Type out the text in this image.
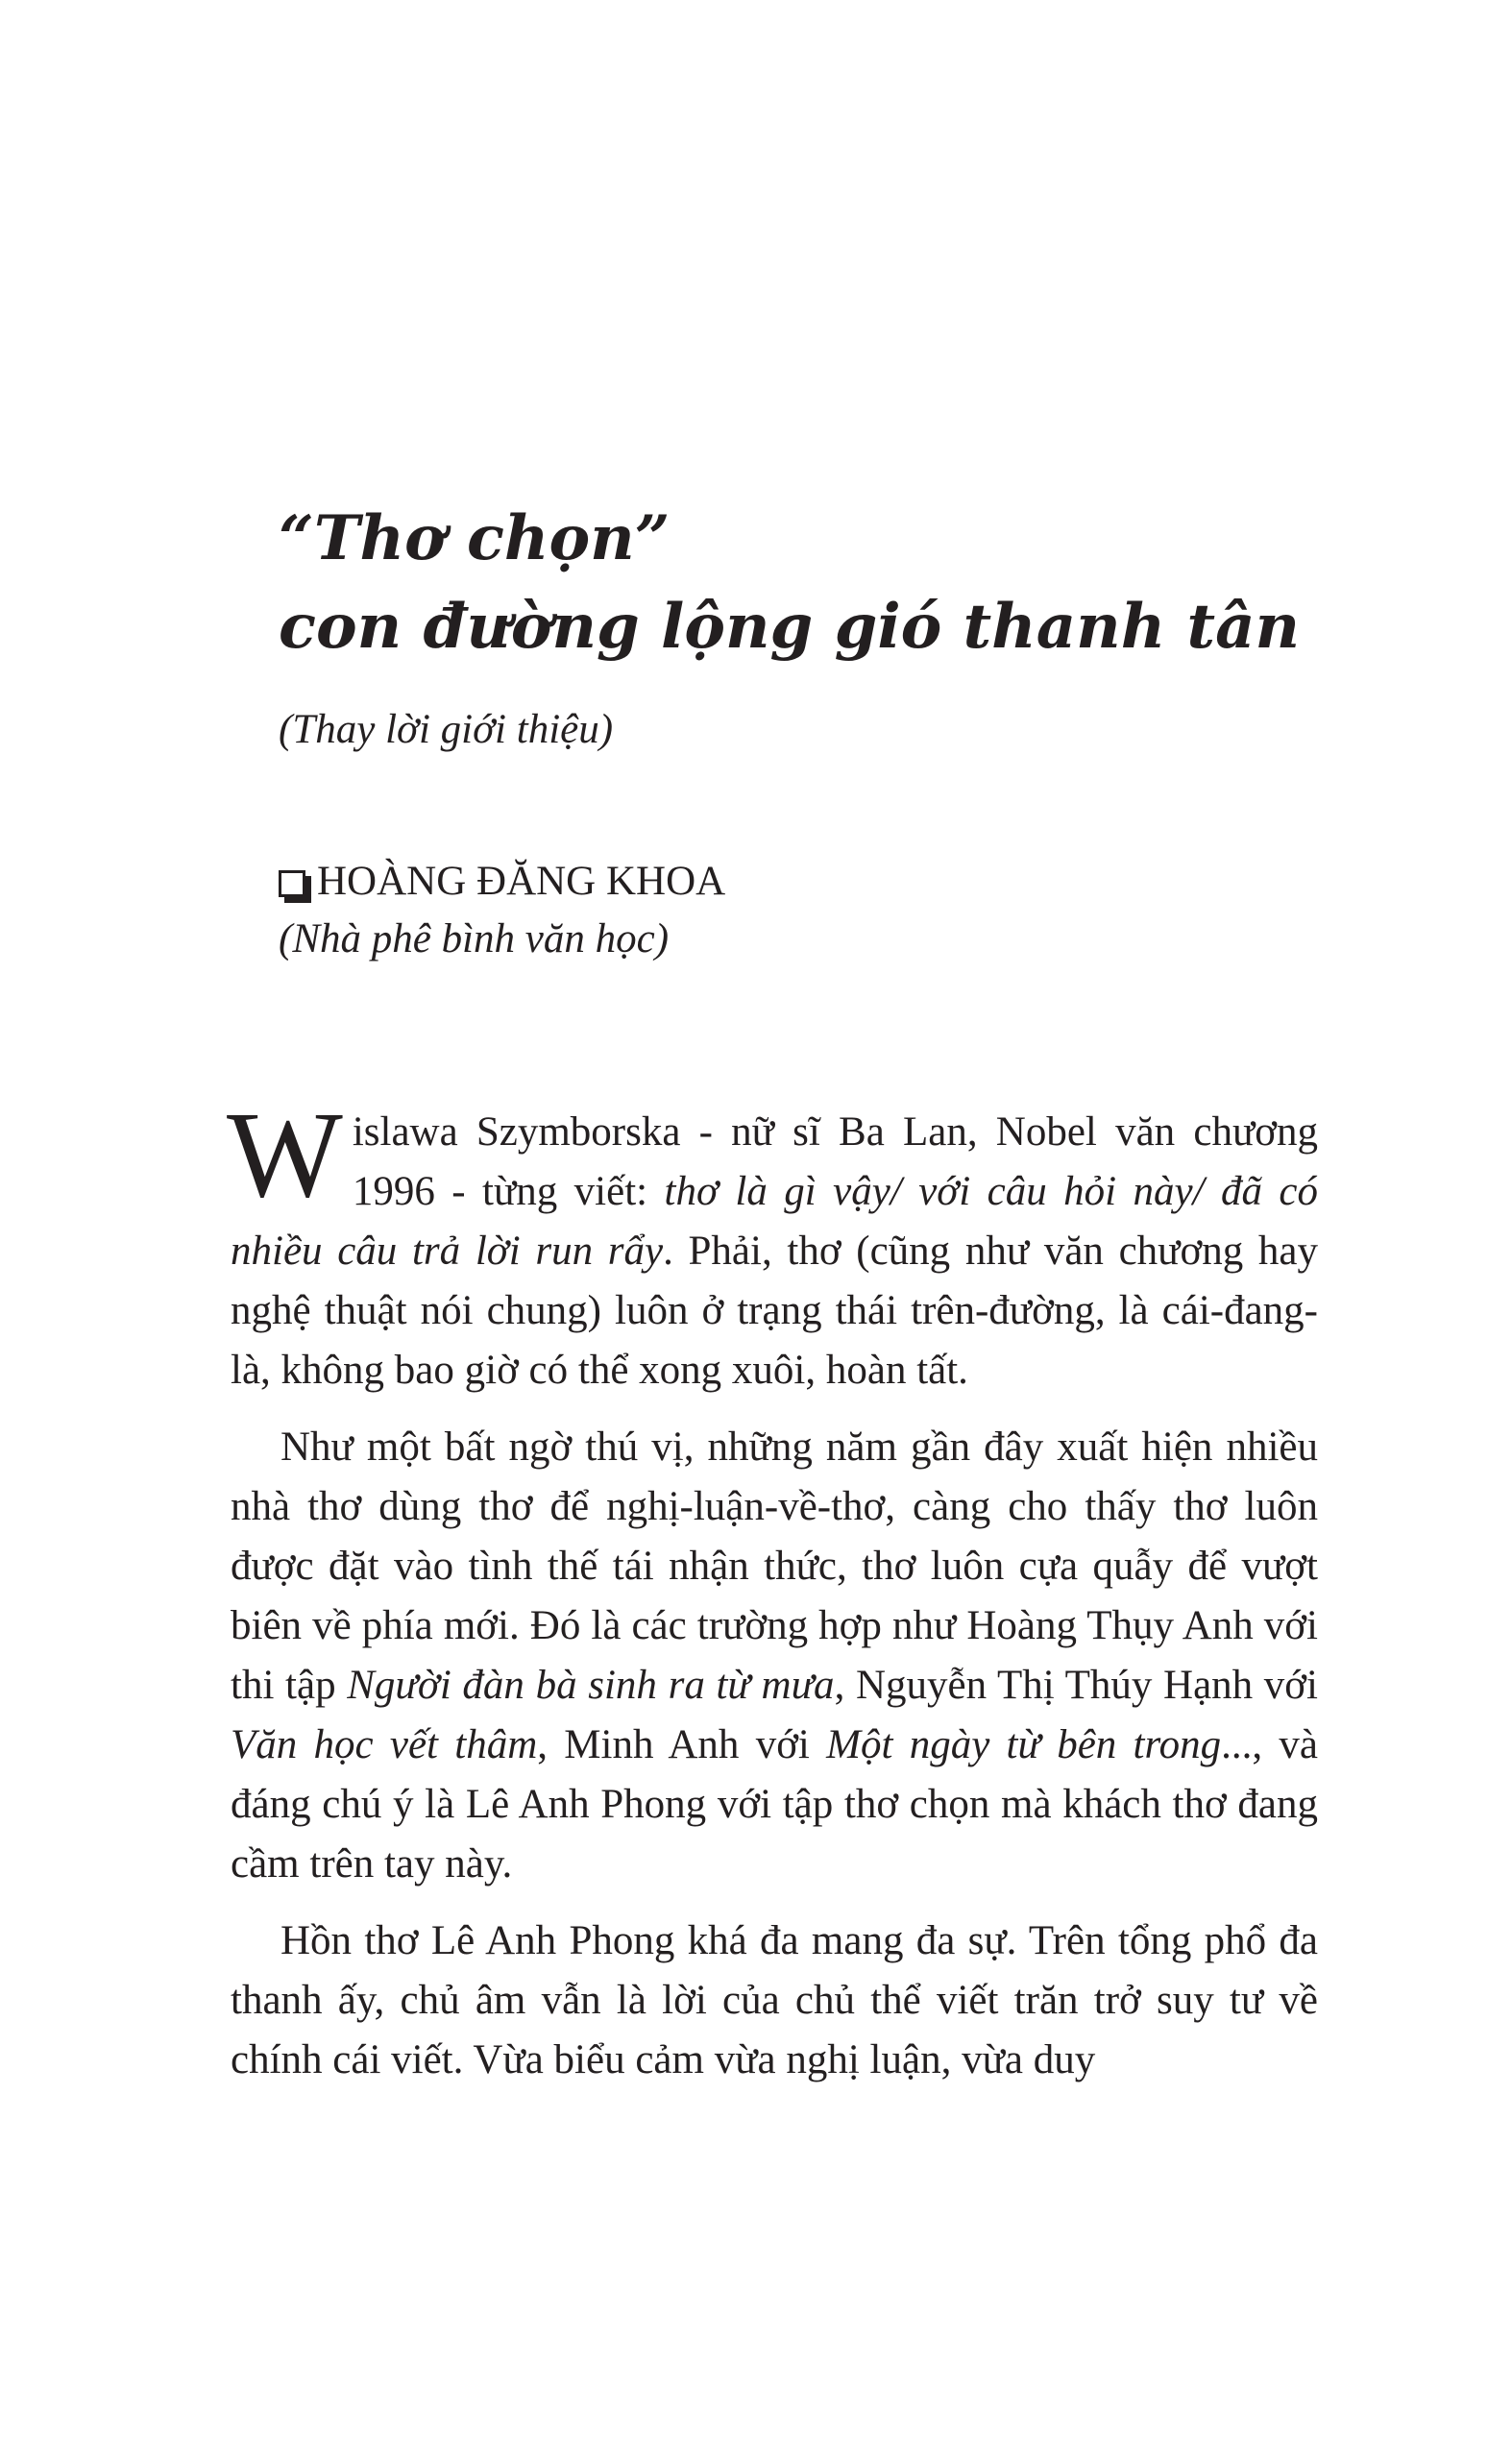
“Thơ chọn”
con đường lộng gió thanh tân
(Thay lời giới thiệu)
HOÀNG ĐĂNG KHOA
(Nhà phê bình văn học)

Wislawa Szymborska - nữ sĩ Ba Lan, Nobel văn chương 1996 - từng viết: thơ là gì vậy/ với câu hỏi này/ đã có nhiều câu trả lời run rẩy. Phải, thơ (cũng như văn chương hay nghệ thuật nói chung) luôn ở trạng thái trên-đường, là cái-đang-là, không bao giờ có thể xong xuôi, hoàn tất.

Như một bất ngờ thú vị, những năm gần đây xuất hiện nhiều nhà thơ dùng thơ để nghị-luận-về-thơ, càng cho thấy thơ luôn được đặt vào tình thế tái nhận thức, thơ luôn cựa quẫy để vượt biên về phía mới. Đó là các trường hợp như Hoàng Thụy Anh với thi tập Người đàn bà sinh ra từ mưa, Nguyễn Thị Thúy Hạnh với Văn học vết thâm, Minh Anh với Một ngày từ bên trong..., và đáng chú ý là Lê Anh Phong với tập thơ chọn mà khách thơ đang cầm trên tay này.

Hồn thơ Lê Anh Phong khá đa mang đa sự. Trên tổng phổ đa thanh ấy, chủ âm vẫn là lời của chủ thể viết trăn trở suy tư về chính cái viết. Vừa biểu cảm vừa nghị luận, vừa duy
